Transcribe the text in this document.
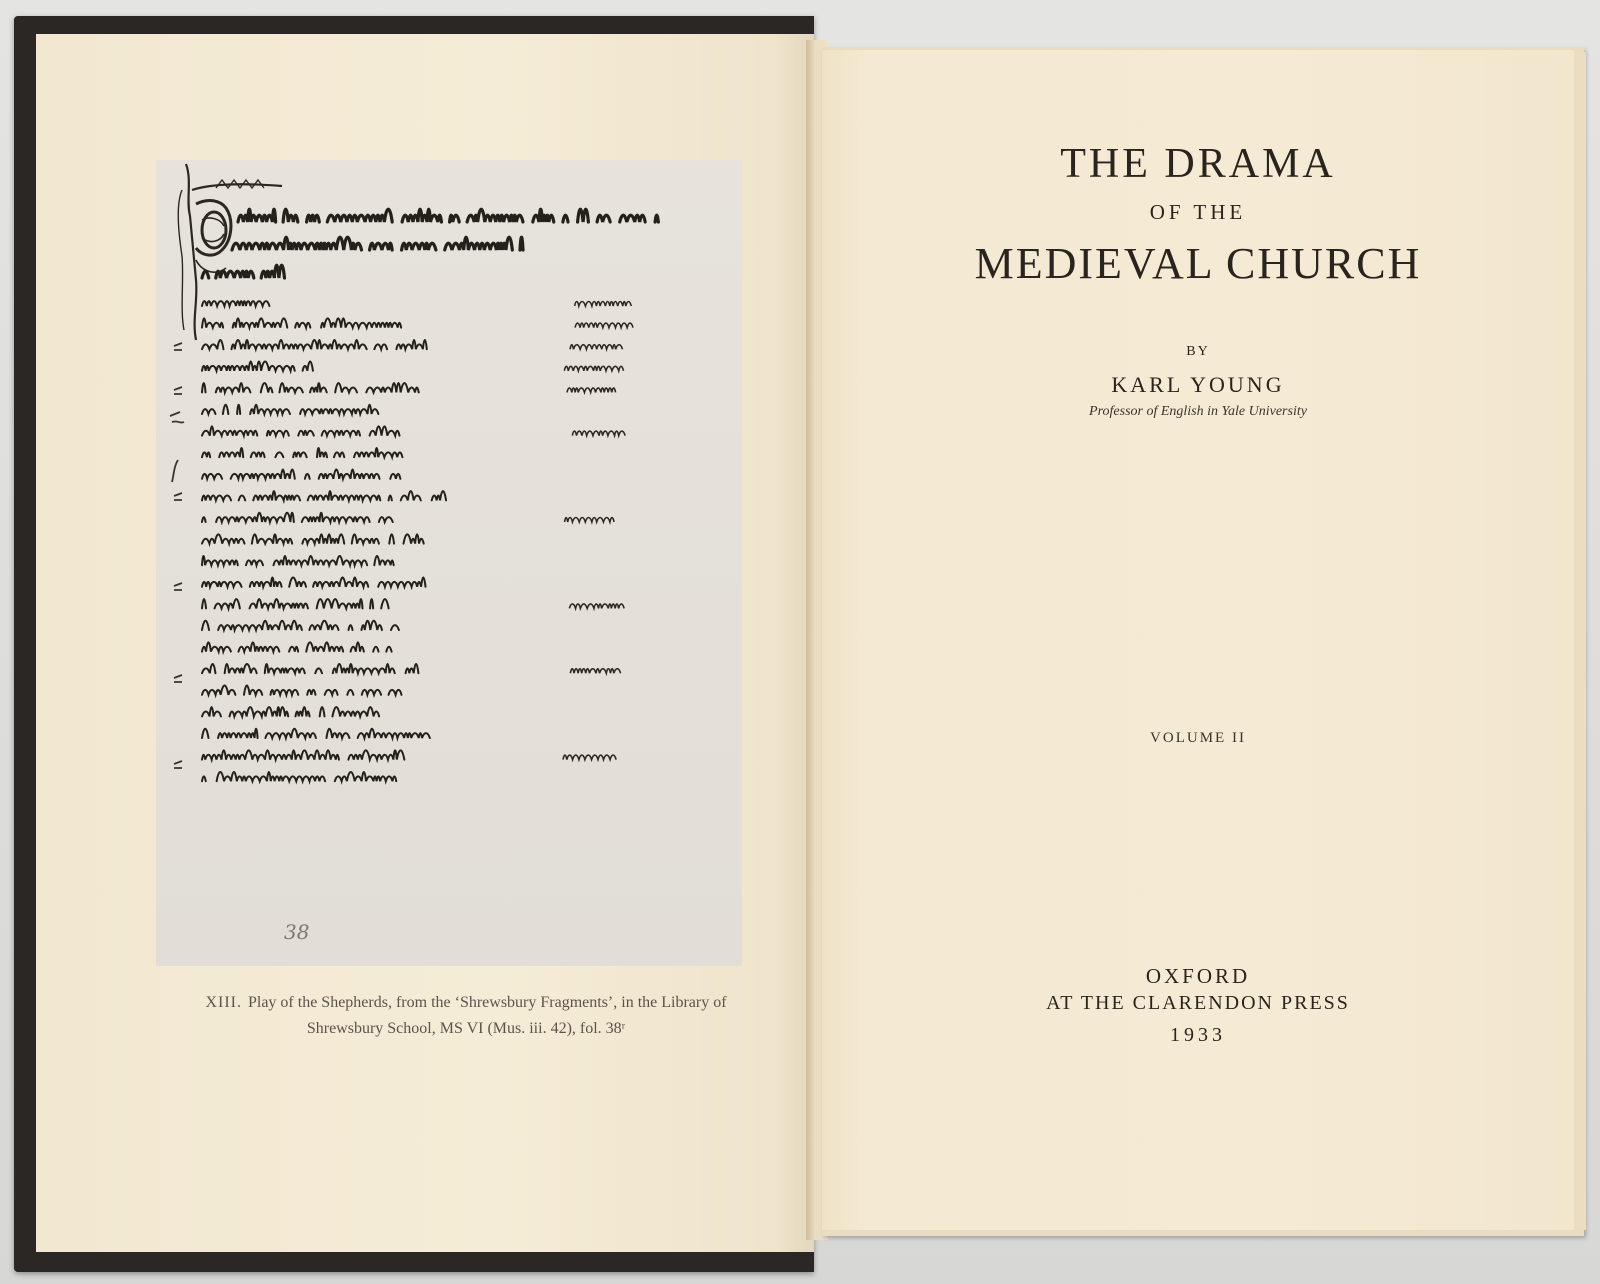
38
XIII. Play of the Shepherds, from the ‘Shrewsbury Fragments’, in the Library of Shrewsbury School, MS VI (Mus. iii. 42), fol. 38ʳ
THE DRAMA
OF THE
MEDIEVAL CHURCH
BY
KARL YOUNG
Professor of English in Yale University
VOLUME II
OXFORD
AT THE CLARENDON PRESS
1933
